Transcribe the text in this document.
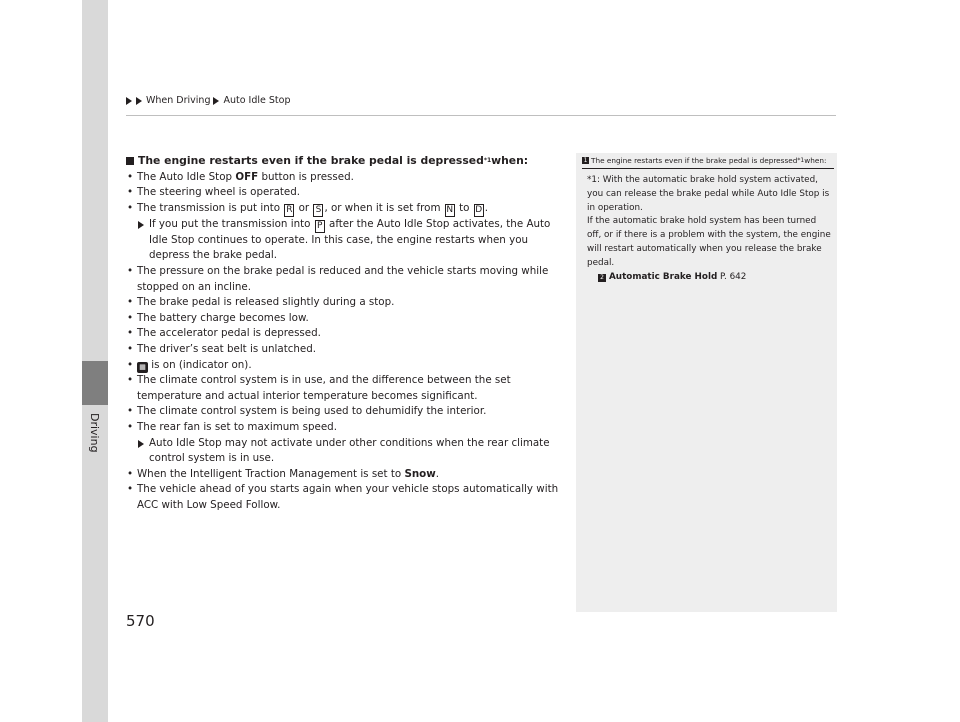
Driving
When Driving Auto Idle Stop
The engine restarts even if the brake pedal is depressed *1 when:
• The Auto Idle Stop OFF button is pressed.
• The steering wheel is operated.
• The transmission is put into R or S , or when it is set from N to D .
If you put the transmission into P after the Auto Idle Stop activates, the Auto Idle Stop continues to operate. In this case, the engine restarts when you depress the brake pedal.
• The pressure on the brake pedal is reduced and the vehicle starts moving while stopped on an incline.
• The brake pedal is released slightly during a stop.
• The battery charge becomes low.
• The accelerator pedal is depressed.
• The driver’s seat belt is unlatched.
• ▦ is on (indicator on).
• The climate control system is in use, and the difference between the set temperature and actual interior temperature becomes significant.
• The climate control system is being used to dehumidify the interior.
• The rear fan is set to maximum speed.
Auto Idle Stop may not activate under other conditions when the rear climate control system is in use.
• When the Intelligent Traction Management is set to Snow.
• The vehicle ahead of you starts again when your vehicle stops automatically with ACC with Low Speed Follow.
1 The engine restarts even if the brake pedal is depressed *1 when:
*1: With the automatic brake hold system activated, you can release the brake pedal while Auto Idle Stop is in operation.
If the automatic brake hold system has been turned off, or if there is a problem with the system, the engine will restart automatically when you release the brake pedal.
2 Automatic Brake Hold P. 642
570
